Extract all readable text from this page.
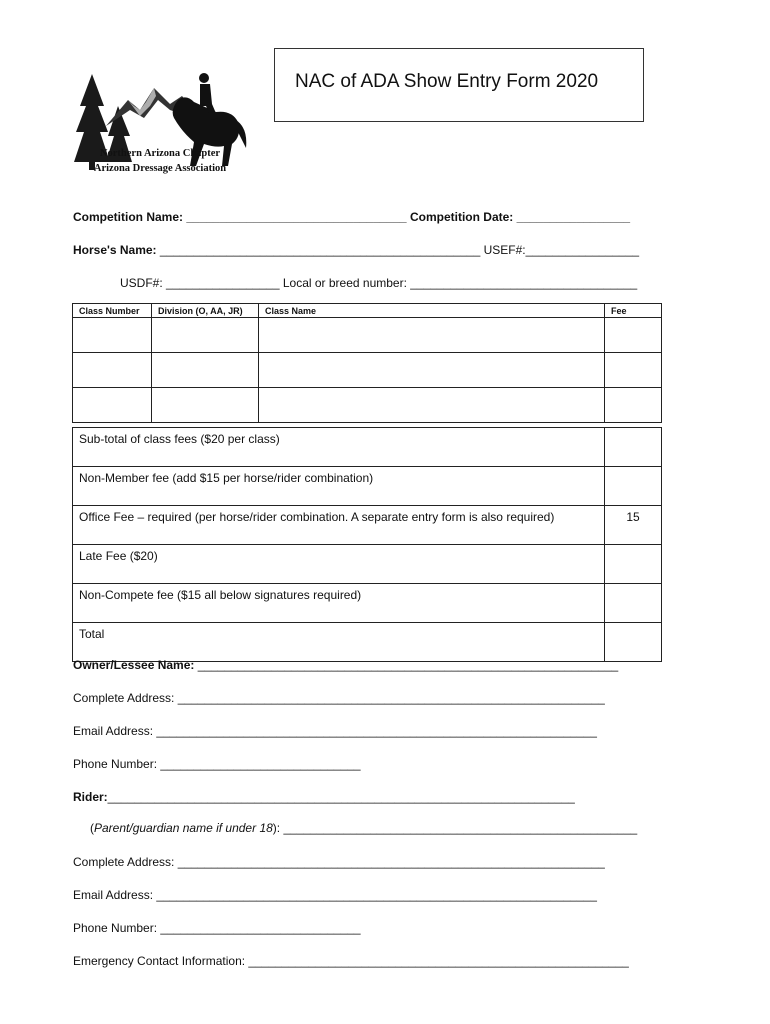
Northern Arizona Chapter
Arizona Dressage Association
NAC of ADA Show Entry Form 2020
Competition Name: _________________________________ Competition Date: _________________
Horse's Name: ________________________________________________ USEF#:_________________
USDF#: _________________ Local or breed number: __________________________________
Class Number	Division (O, AA, JR)	Class Name	Fee

Sub-total of class fees ($20 per class)	
Non-Member fee (add $15 per horse/rider combination)	
Office Fee – required (per horse/rider combination. A separate entry form is also required)	15
Late Fee ($20)	
Non-Compete fee ($15 all below signatures required)	
Total	
Owner/Lessee Name: _______________________________________________________________
Complete Address: ________________________________________________________________
Email Address: __________________________________________________________________
Phone Number: ______________________________
Rider:______________________________________________________________________
(Parent/guardian name if under 18): _____________________________________________________
Complete Address: ________________________________________________________________
Email Address: __________________________________________________________________
Phone Number: ______________________________
Emergency Contact Information: _________________________________________________________
